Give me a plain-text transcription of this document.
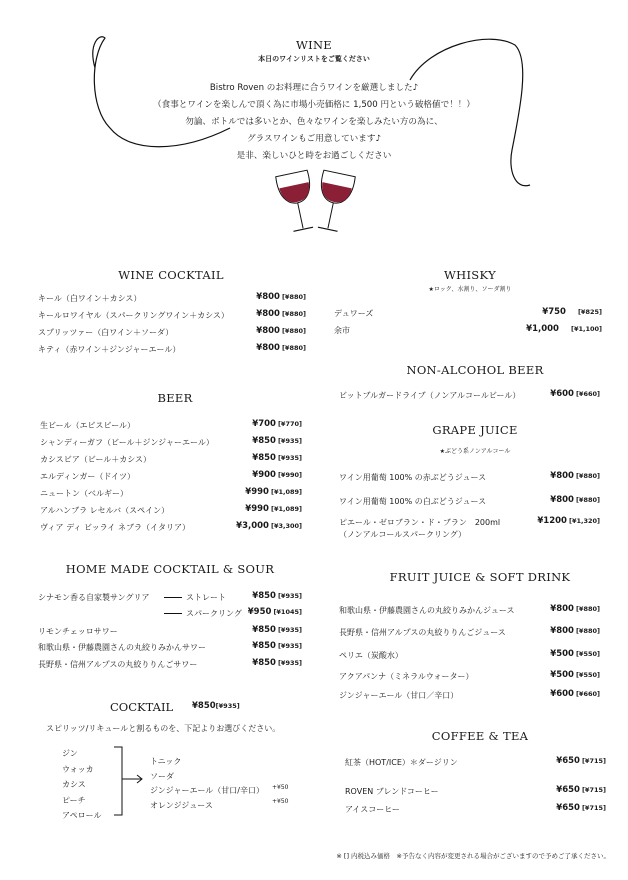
WINE
本日のワインリストをご覧ください

Bistro Roven のお料理に合うワインを厳選しました♪

（食事とワインを楽しんで頂く為に市場小売価格に 1,500 円という破格値で！！）

勿論、ボトルでは多いとか、色々なワインを楽しみたい方の為に、

グラスワインもご用意しています♪

是非、楽しいひと時をお過ごしください

WINE COCKTAIL
キール（白ワイン＋カシス）	¥800 [¥880]
キールロワイヤル（スパークリングワイン＋カシス）	¥800 [¥880]
スプリッツァー（白ワイン＋ソーダ）	¥800 [¥880]
キティ（赤ワイン＋ジンジャーエール）	¥800 [¥880]
BEER
生ビール（エビスビール）	¥700 [¥770]
シャンディーガフ（ビール＋ジンジャーエール）	¥850 [¥935]
カシスビア（ビール＋カシス）	¥850 [¥935]
エルディンガー（ドイツ）	¥900 [¥990]
ニュートン（ベルギー）	¥990 [¥1,089]
アルハンブラ レセルバ（スペイン）	¥990 [¥1,089]
ヴィア ディ ビッライ ネブラ（イタリア）	¥3,000 [¥3,300]
HOME MADE COCKTAIL & SOUR
シナモン香る自家製サングリア	ストレート	¥850 [¥935]
スパークリング ¥950 [¥1045]
リモンチェッロサワー	¥850 [¥935]
和歌山県・伊藤農園さんの丸絞りみかんサワー	¥850 [¥935]
長野県・信州アルプスの丸絞りりんごサワー	¥850 [¥935]
COCKTAIL ¥850[¥935]
スピリッツ/リキュールと割るものを、下記よりお選びください。
ジン
ウォッカ
カシス
ピーチ
アペロール
トニック
ソーダ
ジンジャーエール（甘口/辛口）
オレンジジュース
+¥50
+¥50
WHISKY
★ロック、水割り、ソーダ割り
デュワーズ	¥750 [¥825]
余市	¥1,000 [¥1,100]
NON-ALCOHOL BEER
ビットブルガードライブ（ノンアルコールビール）	¥600 [¥660]
GRAPE JUICE
★ぶどう系ノンアルコール
ワイン用葡萄 100% の赤ぶどうジュース	¥800 [¥880]
ワイン用葡萄 100% の白ぶどうジュース	¥800 [¥880]
ピエール・ゼロブラン・ド・ブラン　200ml	¥1200 [¥1,320]
（ノンアルコールスパークリング）
FRUIT JUICE & SOFT DRINK
和歌山県・伊藤農園さんの丸絞りみかんジュース	¥800 [¥880]
長野県・信州アルプスの丸絞りりんごジュース	¥800 [¥880]
ペリエ（炭酸水）	¥500 [¥550]
アクアパンナ（ミネラルウォーター）	¥500 [¥550]
ジンジャーエール（甘口／辛口）	¥600 [¥660]
COFFEE & TEA
紅茶（HOT/ICE）＊ダージリン	¥650 [¥715]
ROVEN ブレンドコーヒー	¥650 [¥715]
アイスコーヒー	¥650 [¥715]
※ [] 内税込み価格　※予告なく内容が変更される場合がございますので予めご了承ください。
